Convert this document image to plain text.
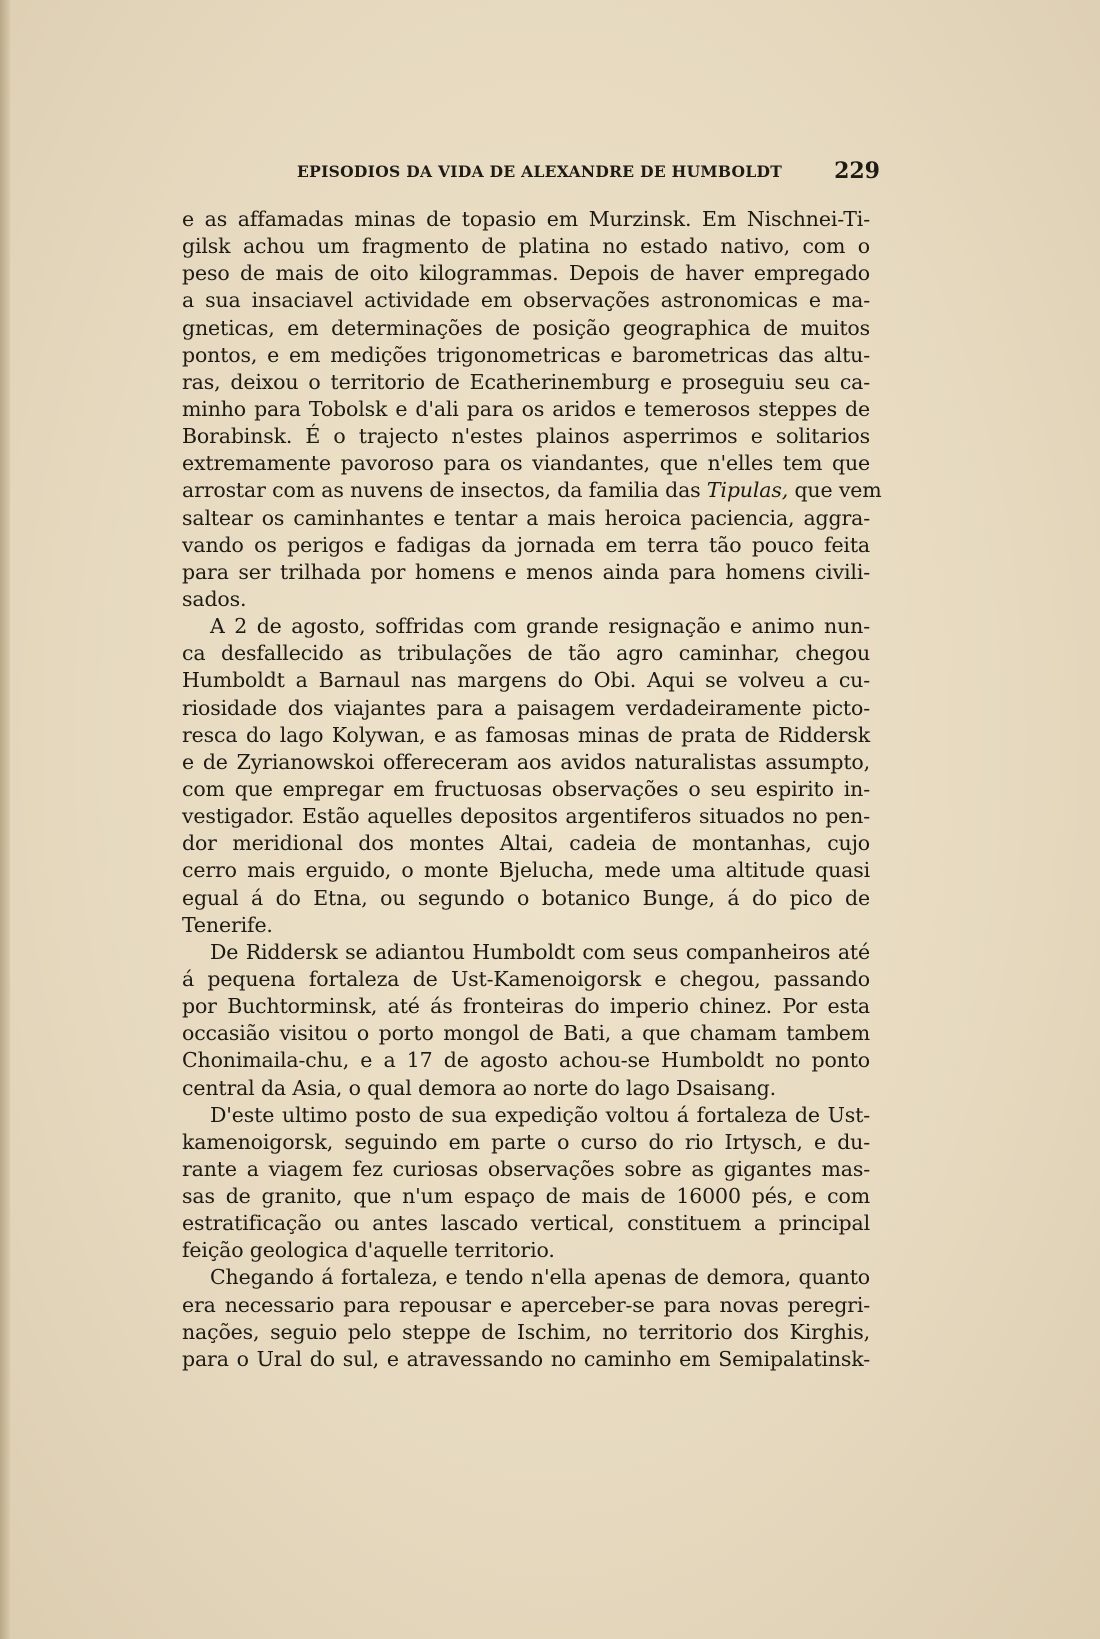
EPISODIOS DA VIDA DE ALEXANDRE DE HUMBOLDT 229
e as affamadas minas de topasio em Murzinsk. Em Nischnei-Ti-
gilsk achou um fragmento de platina no estado nativo, com o
peso de mais de oito kilogrammas. Depois de haver empregado
a sua insaciavel actividade em observações astronomicas e ma-
gneticas, em determinações de posição geographica de muitos
pontos, e em medições trigonometricas e barometricas das altu-
ras, deixou o territorio de Ecatherinemburg e proseguiu seu ca-
minho para Tobolsk e d'ali para os aridos e temerosos steppes de
Borabinsk. É o trajecto n'estes plainos asperrimos e solitarios
extremamente pavoroso para os viandantes, que n'elles tem que
arrostar com as nuvens de insectos, da familia das Tipulas, que vem
saltear os caminhantes e tentar a mais heroica paciencia, aggra-
vando os perigos e fadigas da jornada em terra tão pouco feita
para ser trilhada por homens e menos ainda para homens civili-
sados.
A 2 de agosto, soffridas com grande resignação e animo nun-
ca desfallecido as tribulações de tão agro caminhar, chegou
Humboldt a Barnaul nas margens do Obi. Aqui se volveu a cu-
riosidade dos viajantes para a paisagem verdadeiramente picto-
resca do lago Kolywan, e as famosas minas de prata de Riddersk
e de Zyrianowskoi offereceram aos avidos naturalistas assumpto,
com que empregar em fructuosas observações o seu espirito in-
vestigador. Estão aquelles depositos argentiferos situados no pen-
dor meridional dos montes Altai, cadeia de montanhas, cujo
cerro mais erguido, o monte Bjelucha, mede uma altitude quasi
egual á do Etna, ou segundo o botanico Bunge, á do pico de
Tenerife.
De Riddersk se adiantou Humboldt com seus companheiros até
á pequena fortaleza de Ust-Kamenoigorsk e chegou, passando
por Buchtorminsk, até ás fronteiras do imperio chinez. Por esta
occasião visitou o porto mongol de Bati, a que chamam tambem
Chonimaila-chu, e a 17 de agosto achou-se Humboldt no ponto
central da Asia, o qual demora ao norte do lago Dsaisang.
D'este ultimo posto de sua expedição voltou á fortaleza de Ust-
kamenoigorsk, seguindo em parte o curso do rio Irtysch, e du-
rante a viagem fez curiosas observações sobre as gigantes mas-
sas de granito, que n'um espaço de mais de 16000 pés, e com
estratificação ou antes lascado vertical, constituem a principal
feição geologica d'aquelle territorio.
Chegando á fortaleza, e tendo n'ella apenas de demora, quanto
era necessario para repousar e aperceber-se para novas peregri-
nações, seguio pelo steppe de Ischim, no territorio dos Kirghis,
para o Ural do sul, e atravessando no caminho em Semipalatinsk-
